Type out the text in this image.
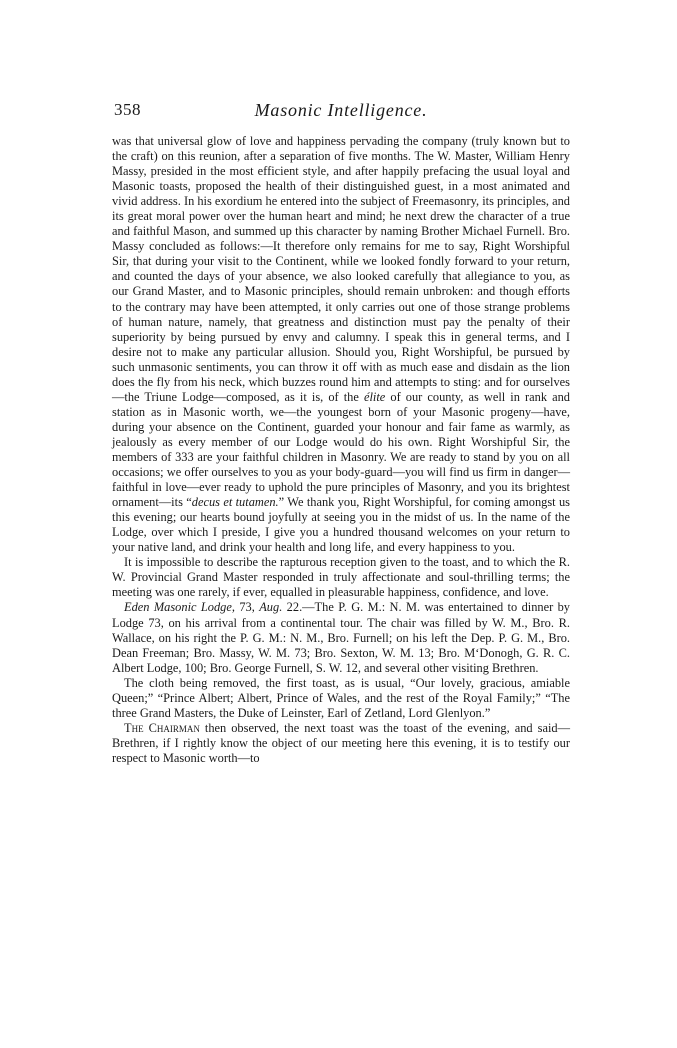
358	Masonic Intelligence.

was that universal glow of love and happiness pervading the company (truly known but to the craft) on this reunion, after a separation of five months. The W. Master, William Henry Massy, presided in the most efficient style, and after happily prefacing the usual loyal and Masonic toasts, proposed the health of their distinguished guest, in a most animated and vivid address. In his exordium he entered into the subject of Freemasonry, its principles, and its great moral power over the human heart and mind; he next drew the character of a true and faithful Mason, and summed up this character by naming Brother Michael Furnell. Bro. Massy concluded as follows:—It therefore only remains for me to say, Right Worshipful Sir, that during your visit to the Continent, while we looked fondly forward to your return, and counted the days of your absence, we also looked carefully that allegiance to you, as our Grand Master, and to Masonic principles, should remain unbroken: and though efforts to the contrary may have been attempted, it only carries out one of those strange problems of human nature, namely, that greatness and distinction must pay the penalty of their superiority by being pursued by envy and calumny. I speak this in general terms, and I desire not to make any particular allusion. Should you, Right Worshipful, be pursued by such unmasonic sentiments, you can throw it off with as much ease and disdain as the lion does the fly from his neck, which buzzes round him and attempts to sting: and for ourselves—the Triune Lodge—composed, as it is, of the élite of our county, as well in rank and station as in Masonic worth, we—the youngest born of your Masonic progeny—have, during your absence on the Continent, guarded your honour and fair fame as warmly, as jealously as every member of our Lodge would do his own. Right Worshipful Sir, the members of 333 are your faithful children in Masonry. We are ready to stand by you on all occasions; we offer ourselves to you as your body-guard—you will find us firm in danger—faithful in love—ever ready to uphold the pure principles of Masonry, and you its brightest ornament—its “decus et tutamen.” We thank you, Right Worshipful, for coming amongst us this evening; our hearts bound joyfully at seeing you in the midst of us. In the name of the Lodge, over which I preside, I give you a hundred thousand welcomes on your return to your native land, and drink your health and long life, and every happiness to you.

It is impossible to describe the rapturous reception given to the toast, and to which the R. W. Provincial Grand Master responded in truly affectionate and soul-thrilling terms; the meeting was one rarely, if ever, equalled in pleasurable happiness, confidence, and love.

Eden Masonic Lodge, 73, Aug. 22.—The P. G. M.: N. M. was entertained to dinner by Lodge 73, on his arrival from a continental tour. The chair was filled by W. M., Bro. R. Wallace, on his right the P. G. M.: N. M., Bro. Furnell; on his left the Dep. P. G. M., Bro. Dean Freeman; Bro. Massy, W. M. 73; Bro. Sexton, W. M. 13; Bro. M‘Donogh, G. R. C. Albert Lodge, 100; Bro. George Furnell, S. W. 12, and several other visiting Brethren.

The cloth being removed, the first toast, as is usual, “Our lovely, gracious, amiable Queen;” “Prince Albert; Albert, Prince of Wales, and the rest of the Royal Family;” “The three Grand Masters, the Duke of Leinster, Earl of Zetland, Lord Glenlyon.”

The Chairman then observed, the next toast was the toast of the evening, and said—Brethren, if I rightly know the object of our meeting here this evening, it is to testify our respect to Masonic worth—to
